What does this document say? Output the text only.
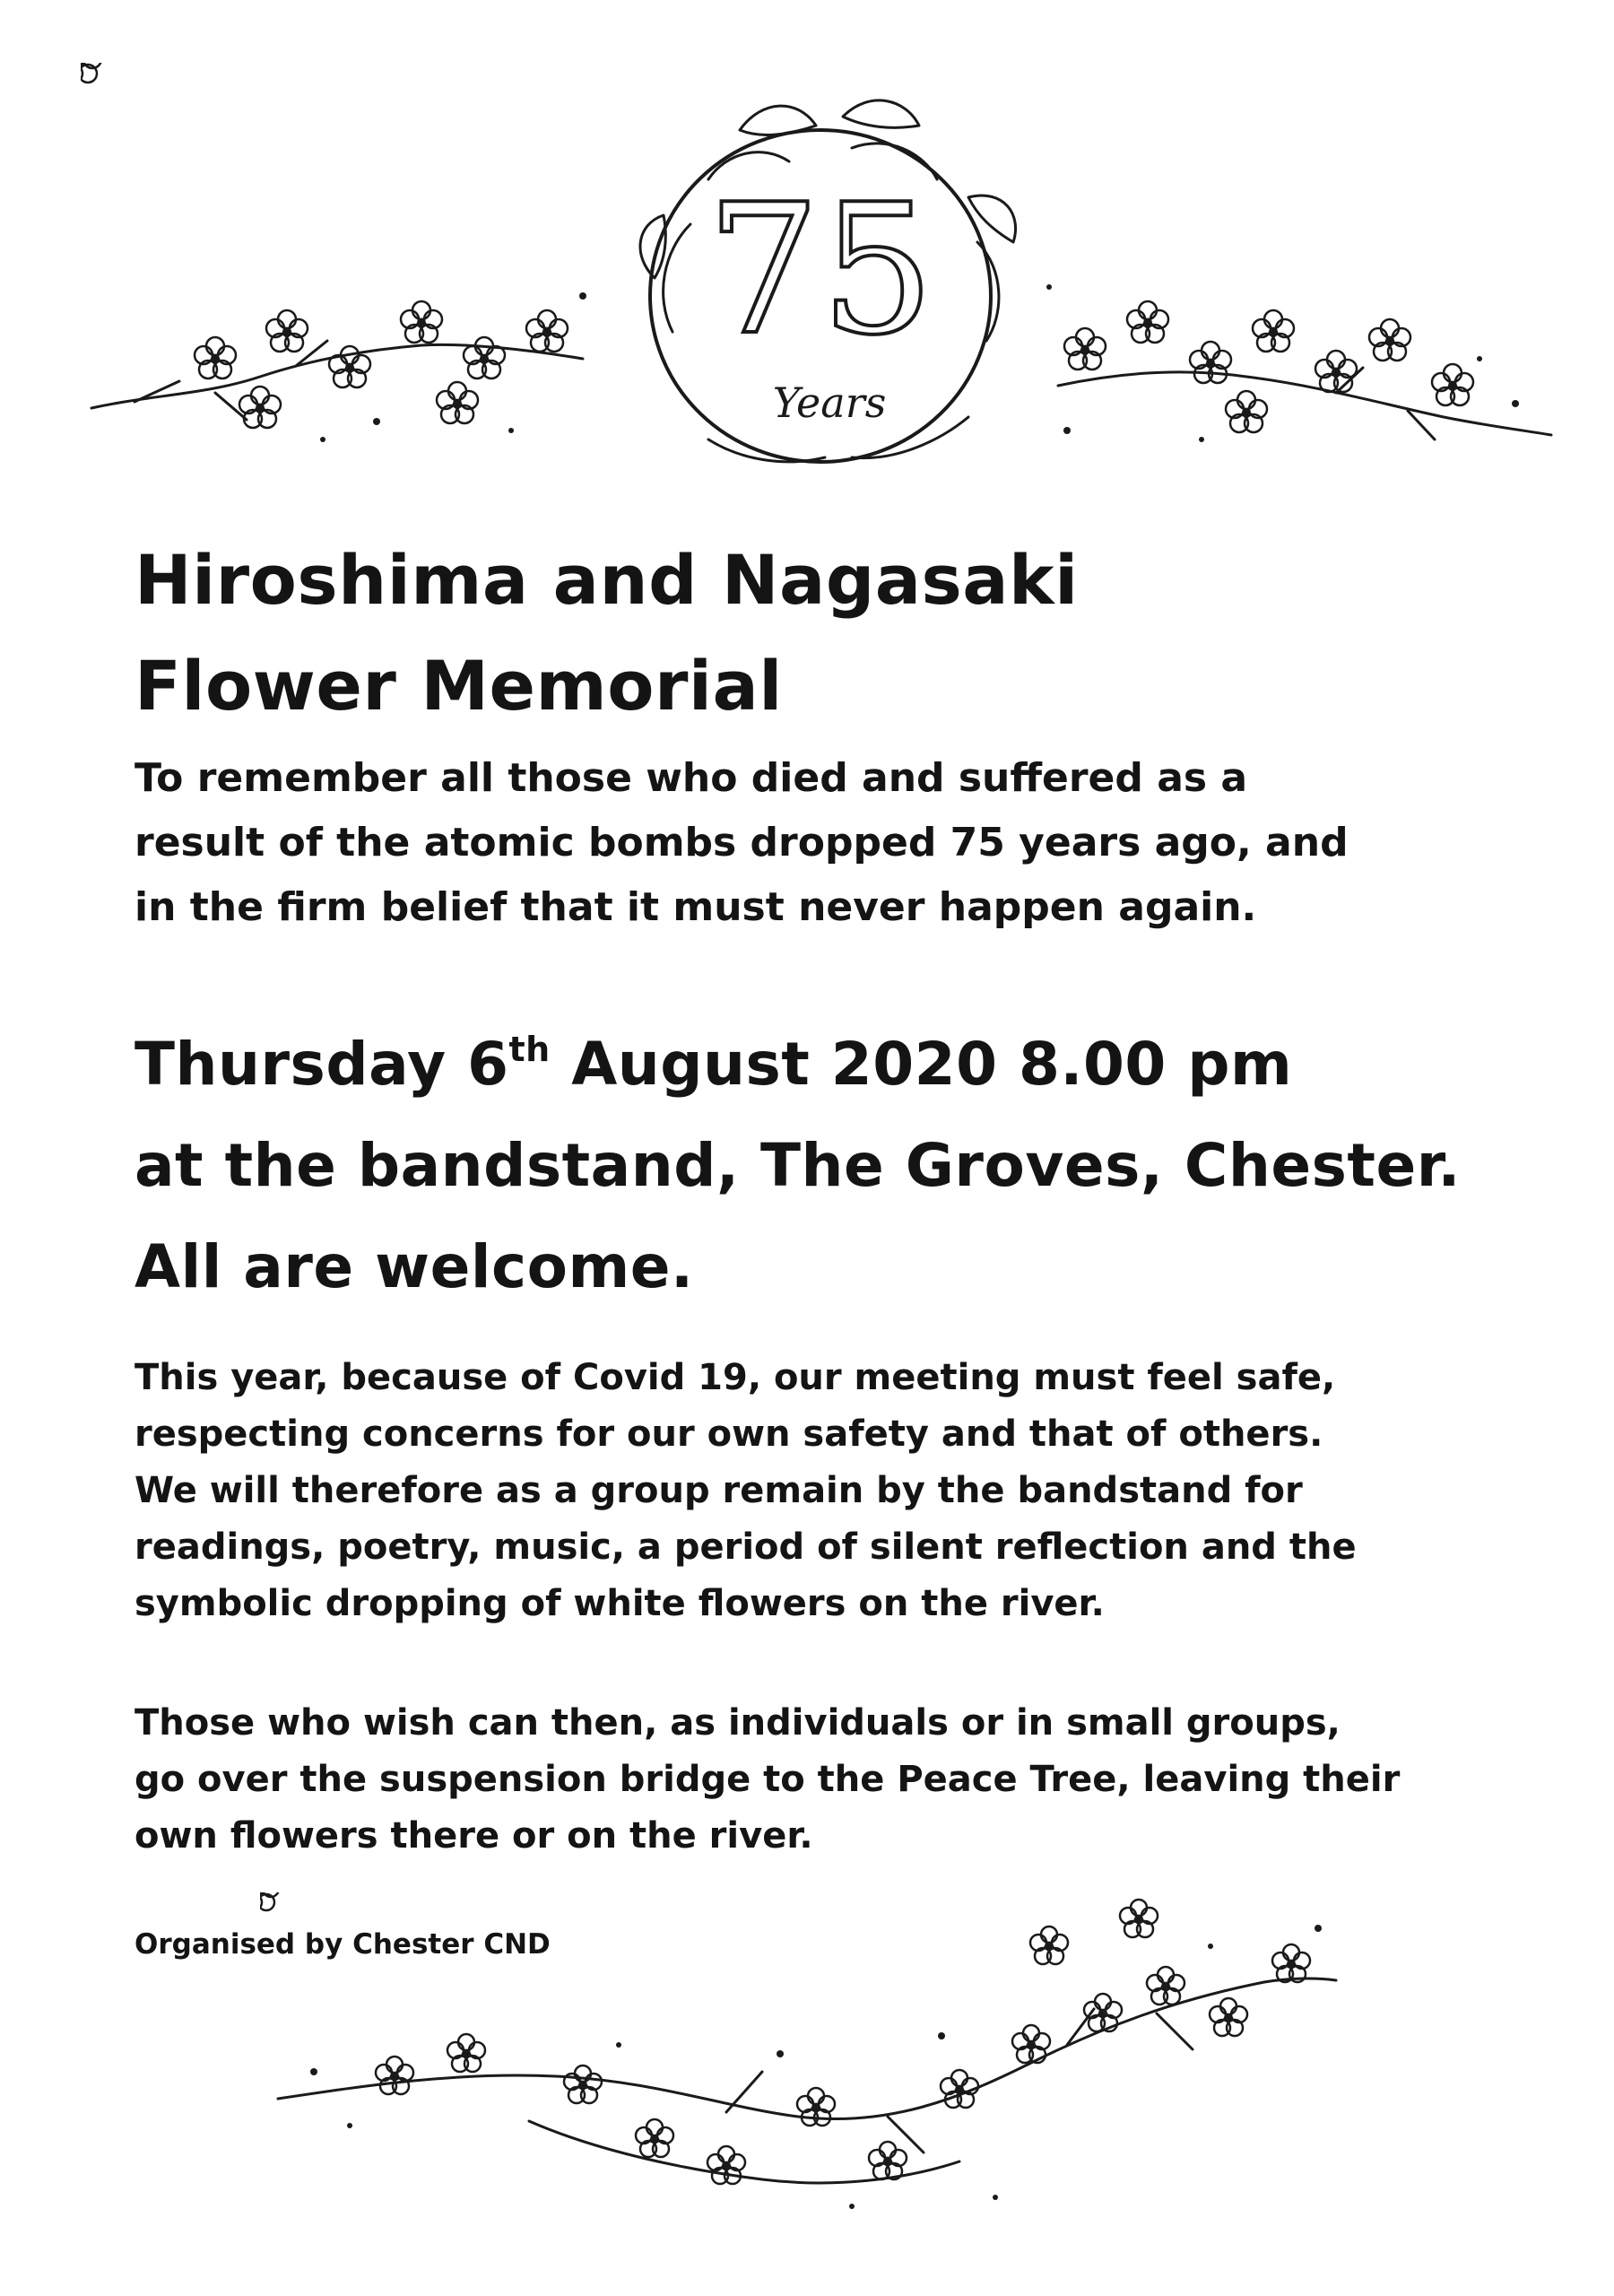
75
Years
Hiroshima and Nagasaki
Flower Memorial

To remember all those who died and suffered as a
result of the atomic bombs dropped 75 years ago, and
in the firm belief that it must never happen again.

Thursday 6th August 2020 8.00 pm
at the bandstand, The Groves, Chester.
All are welcome.

This year, because of Covid 19, our meeting must feel safe,
respecting concerns for our own safety and that of others.
We will therefore as a group remain by the bandstand for
readings, poetry, music, a period of silent reflection and the
symbolic dropping of white flowers on the river.

Those who wish can then, as individuals or in small groups,
go over the suspension bridge to the Peace Tree, leaving their
own flowers there or on the river.

Organised by Chester CND
